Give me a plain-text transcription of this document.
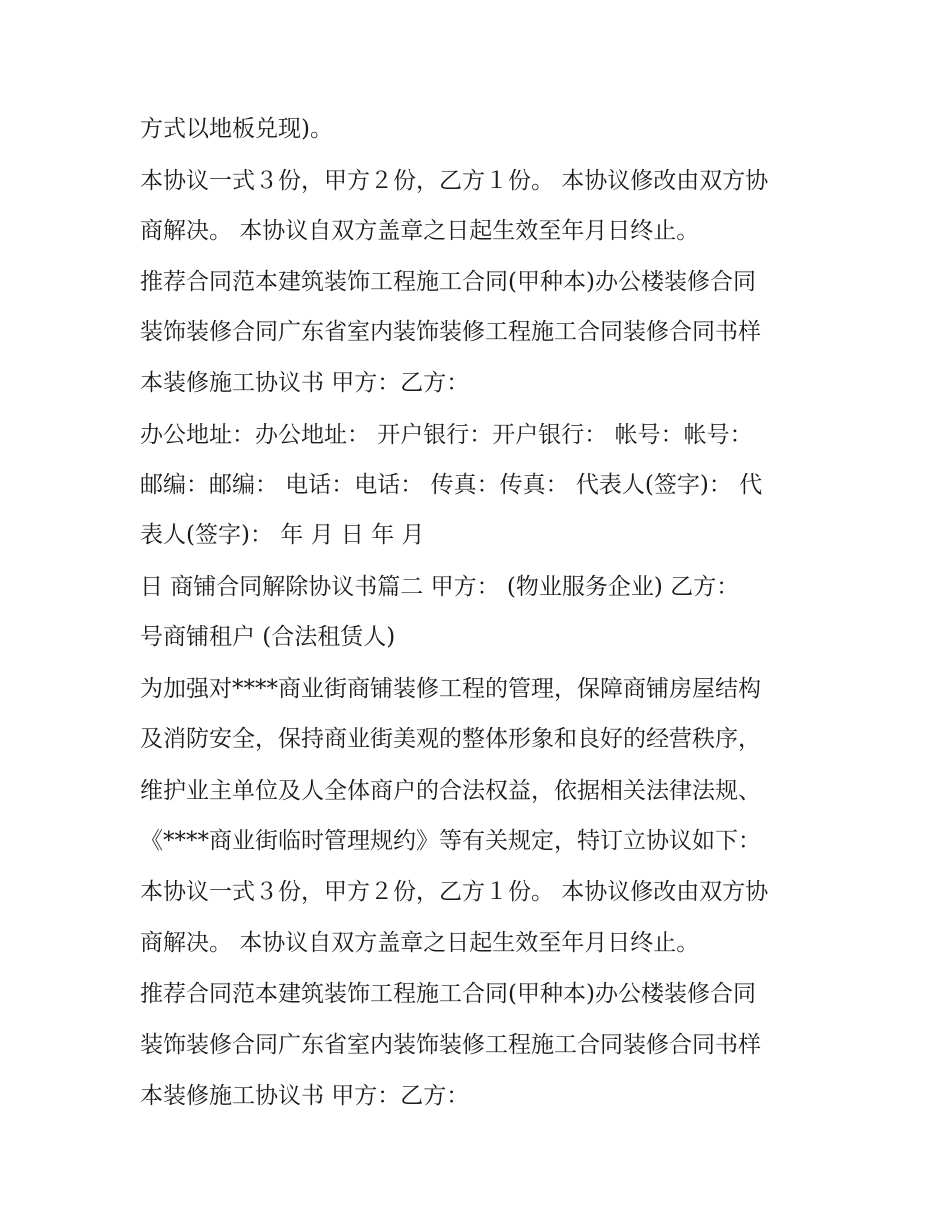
方式以地板兑现)。

本协议一式３份，甲方２份，乙方１份。 本协议修改由双方协

商解决。 本协议自双方盖章之日起生效至年月日终止。

推荐合同范本建筑装饰工程施工合同(甲种本)办公楼装修合同

装饰装修合同广东省室内装饰装修工程施工合同装修合同书样

本装修施工协议书 甲方：乙方：

办公地址：办公地址： 开户银行：开户银行： 帐号：帐号：

邮编：邮编： 电话：电话： 传真：传真： 代表人(签字)： 代

表人(签字)： 年 月 日 年 月

日 商铺合同解除协议书篇二 甲方： (物业服务企业) 乙方：

号商铺租户 (合法租赁人)

为加强对****商业街商铺装修工程的管理，保障商铺房屋结构

及消防安全，保持商业街美观的整体形象和良好的经营秩序，

维护业主单位及人全体商户的合法权益，依据相关法律法规、

《****商业街临时管理规约》等有关规定，特订立协议如下：

本协议一式３份，甲方２份，乙方１份。 本协议修改由双方协

商解决。 本协议自双方盖章之日起生效至年月日终止。

推荐合同范本建筑装饰工程施工合同(甲种本)办公楼装修合同

装饰装修合同广东省室内装饰装修工程施工合同装修合同书样

本装修施工协议书 甲方：乙方：
